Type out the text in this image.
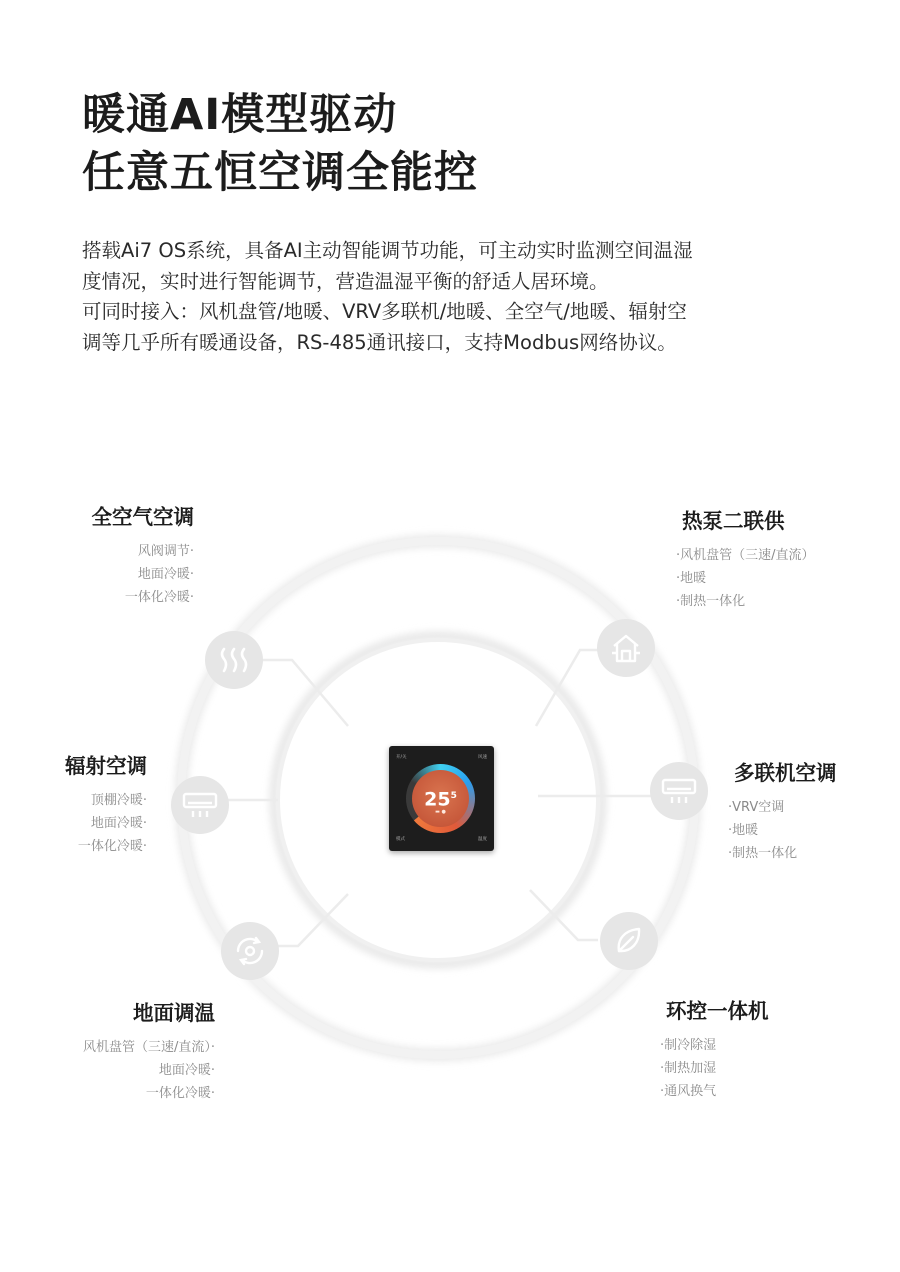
暖通AI模型驱动
任意五恒空调全能控

搭载Ai7 OS系统，具备AI主动智能调节功能，可主动实时监测空间温湿
度情况，实时进行智能调节，营造温湿平衡的舒适人居环境。
可同时接入：风机盘管/地暖、VRV多联机/地暖、全空气/地暖、辐射空
调等几乎所有暖通设备，RS-485通讯接口，支持Modbus网络协议。

开/关	风速
模式	温度
$25^5$
▬ ●
全空气空调
风阀调节·
地面冷暖·
一体化冷暖·
热泵二联供
·风机盘管（三速/直流）
·地暖
·制热一体化
辐射空调
顶棚冷暖·
地面冷暖·
一体化冷暖·
多联机空调
·VRV空调
·地暖
·制热一体化
地面调温
风机盘管（三速/直流）·
地面冷暖·
一体化冷暖·
环控一体机
·制冷除湿
·制热加湿
·通风换气
